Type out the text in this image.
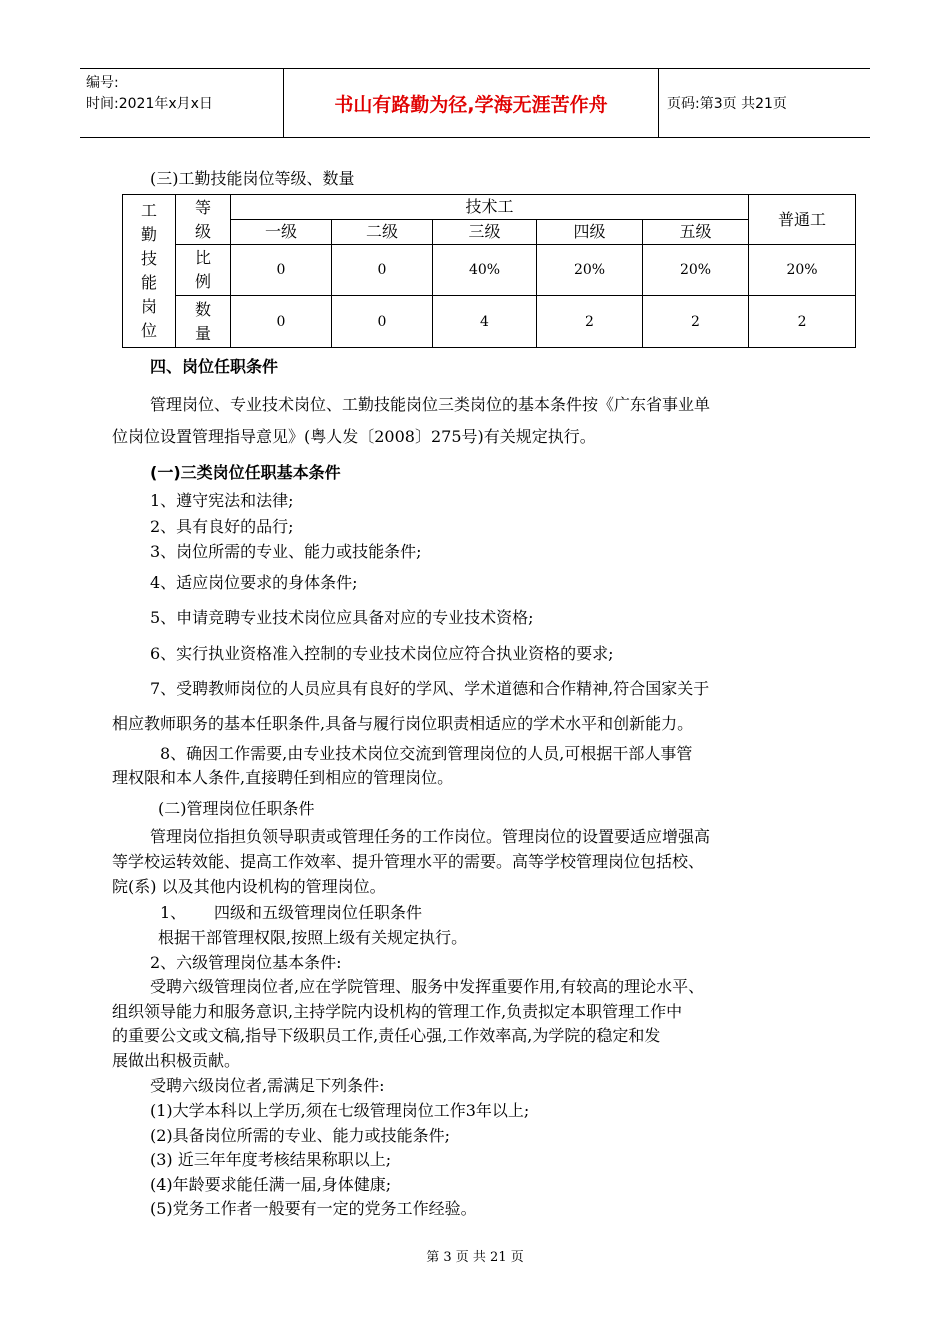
编号:
时间:2021年x月x日	书山有路勤为径,学海无涯苦作舟	页码:第3页 共21页
(三)工勤技能岗位等级、数量
工勤技能岗位	等级	技术工					普通工
		一级	二级	三级	四级	五级	
	比例	0	0	40%	20%	20%	20%
	数量	0	0	4	2	2	2
四、岗位任职条件
管理岗位、专业技术岗位、工勤技能岗位三类岗位的基本条件按《广东省事业单
位岗位设置管理指导意见》(粤人发〔2008〕275号)有关规定执行。
(一)三类岗位任职基本条件
1、遵守宪法和法律;
2、具有良好的品行;
3、岗位所需的专业、能力或技能条件;
4、适应岗位要求的身体条件;
5、申请竞聘专业技术岗位应具备对应的专业技术资格;
6、实行执业资格准入控制的专业技术岗位应符合执业资格的要求;
7、受聘教师岗位的人员应具有良好的学风、学术道德和合作精神,符合国家关于
相应教师职务的基本任职条件,具备与履行岗位职责相适应的学术水平和创新能力。
8、确因工作需要,由专业技术岗位交流到管理岗位的人员,可根据干部人事管
理权限和本人条件,直接聘任到相应的管理岗位。
(二)管理岗位任职条件
管理岗位指担负领导职责或管理任务的工作岗位。管理岗位的设置要适应增强高
等学校运转效能、提高工作效率、提升管理水平的需要。高等学校管理岗位包括校、
院(系) 以及其他内设机构的管理岗位。
1、 四级和五级管理岗位任职条件
根据干部管理权限,按照上级有关规定执行。
2、六级管理岗位基本条件:
受聘六级管理岗位者,应在学院管理、服务中发挥重要作用,有较高的理论水平、
组织领导能力和服务意识,主持学院内设机构的管理工作,负责拟定本职管理工作中
的重要公文或文稿,指导下级职员工作,责任心强,工作效率高,为学院的稳定和发
展做出积极贡献。
受聘六级岗位者,需满足下列条件:
(1)大学本科以上学历,须在七级管理岗位工作3年以上;
(2)具备岗位所需的专业、能力或技能条件;
(3) 近三年年度考核结果称职以上;
(4)年龄要求能任满一届,身体健康;
(5)党务工作者一般要有一定的党务工作经验。
第 3 页 共 21 页
